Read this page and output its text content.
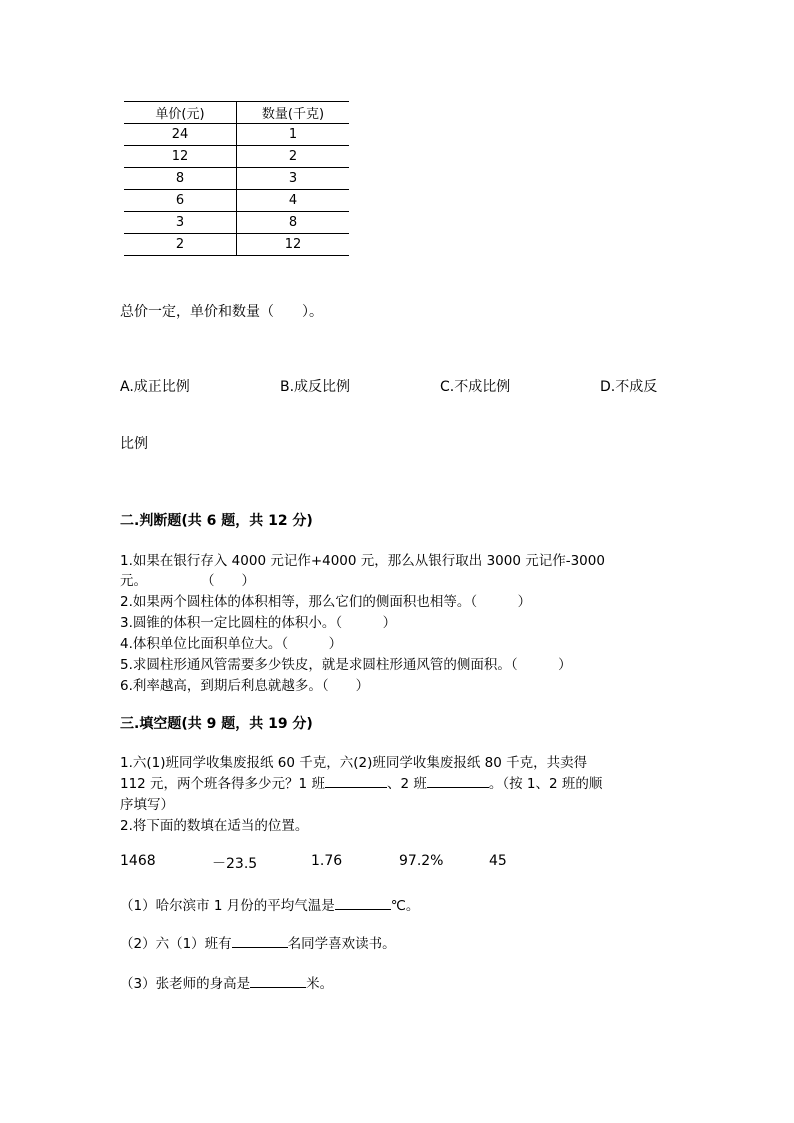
单价(元)	数量(千克)
24	1
12	2
8	3
6	4
3	8
2	12
总价一定，单价和数量（　　）。
A.成正比例	B.成反比例	C.不成比例	D.不成反
比例
二.判断题(共 6 题，共 12 分)
1.如果在银行存入 4000 元记作+4000 元，那么从银行取出 3000 元记作-3000
元。　　　　　（　　）
2.如果两个圆柱体的体积相等，那么它们的侧面积也相等。（　　　）
3.圆锥的体积一定比圆柱的体积小。（　　　）
4.体积单位比面积单位大。（　　　）
5.求圆柱形通风管需要多少铁皮，就是求圆柱形通风管的侧面积。（　　　）
6.利率越高，到期后利息就越多。（　　）
三.填空题(共 9 题，共 19 分)
1.六(1)班同学收集废报纸 60 千克，六(2)班同学收集废报纸 80 千克，共卖得
112 元，两个班各得多少元？1 班	、2 班	。（按 1、2 班的顺
序填写）
2.将下面的数填在适当的位置。
1468	－23.5	1.76	97.2%	45
（1）哈尔滨市 1 月份的平均气温是	℃。
（2）六（1）班有	名同学喜欢读书。
（3）张老师的身高是	米。
